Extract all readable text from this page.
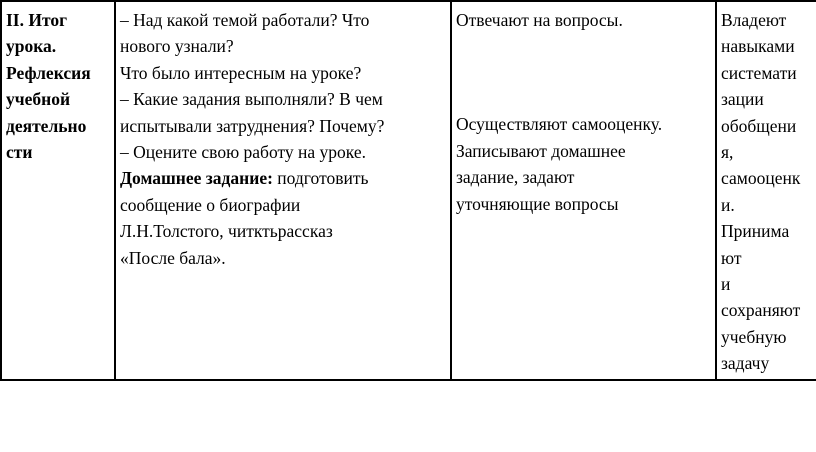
II. Итог
урока.
Рефлексия
учебной
деятельно
сти

– Над какой темой работали? Что
нового узнали?
Что было интересным на уроке?
– Какие задания выполняли? В чем
испытывали затруднения? Почему?
– Оцените свою работу на уроке.
Домашнее задание: подготовить
сообщение о биографии
Л.Н.Толстого, читктьрассказ
«После бала».

Отвечают на вопросы.
Осуществляют самооценку.
Записывают домашнее
задание, задают
уточняющие вопросы

Владеют
навыками
системати
зации
обобщени
я,
самооценк
и.
Принима
ют
и
сохраняют
учебную
задачу
